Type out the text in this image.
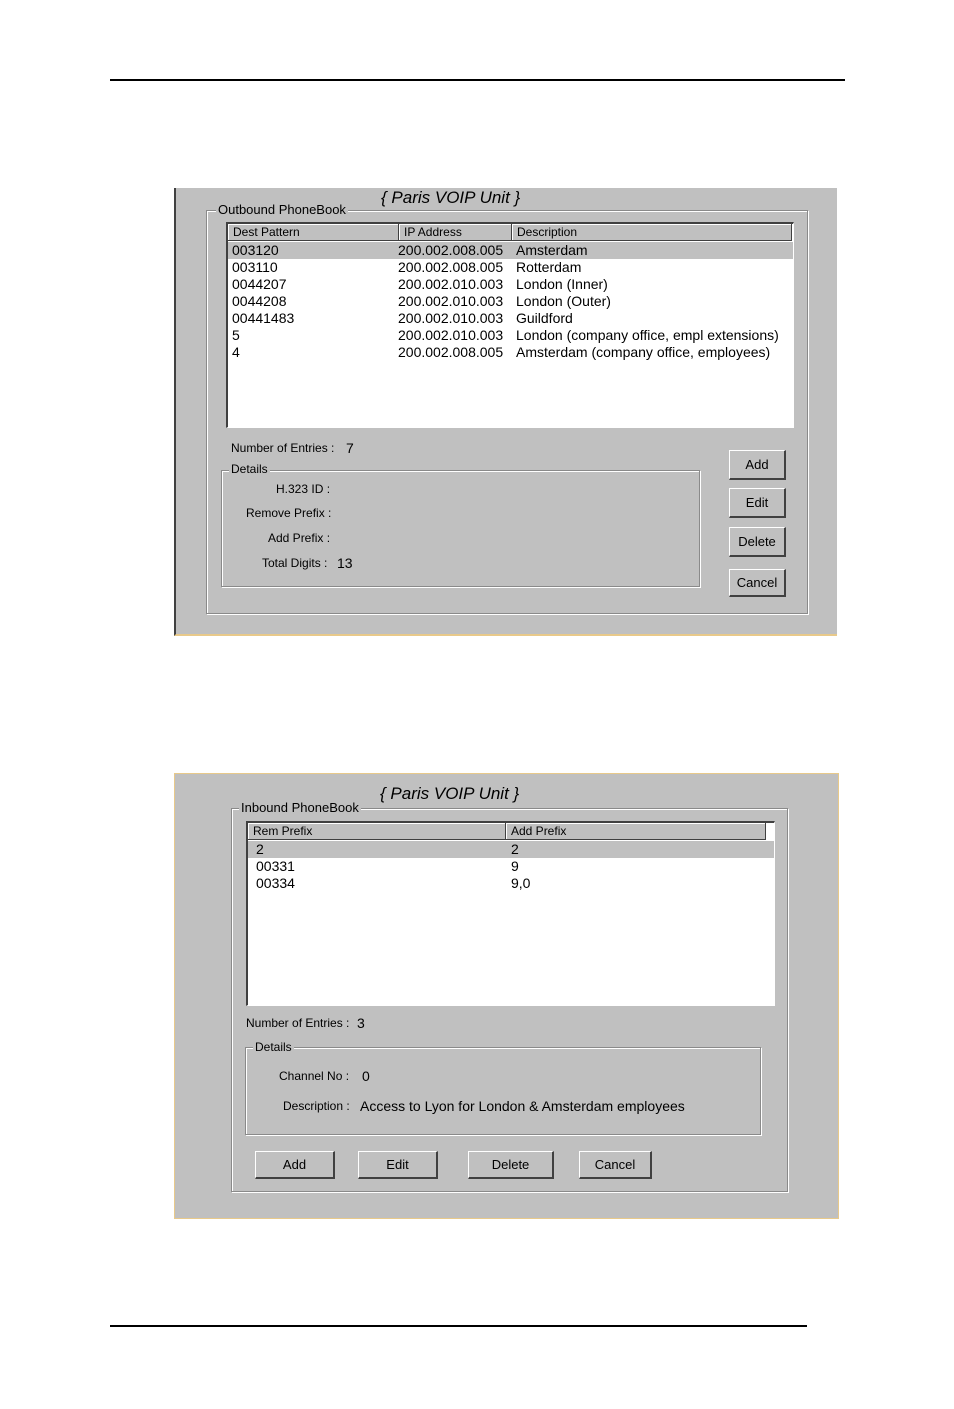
{ Paris VOIP Unit }
Outbound PhoneBook
Dest Pattern	IP Address	Description
003120	200.002.008.005 Amsterdam
003110	200.002.008.005 Rotterdam
0044207	200.002.010.003 London (Inner)
0044208	200.002.010.003 London (Outer)
00441483	200.002.010.003 Guildford
5	200.002.010.003 London (company office, empl extensions)
4	200.002.008.005 Amsterdam (company office, employees)
Number of Entries : 7
Details
H.323 ID :
Remove Prefix :
Add Prefix :
Total Digits : 13
Add
Edit
Delete
Cancel
{ Paris VOIP Unit }
Inbound PhoneBook
Rem Prefix	Add Prefix
2	2
00331	9
00334	9,0
Number of Entries : 3
Details
Channel No : 0
Description : Access to Lyon for London & Amsterdam employees
Add	Edit	Delete	Cancel
